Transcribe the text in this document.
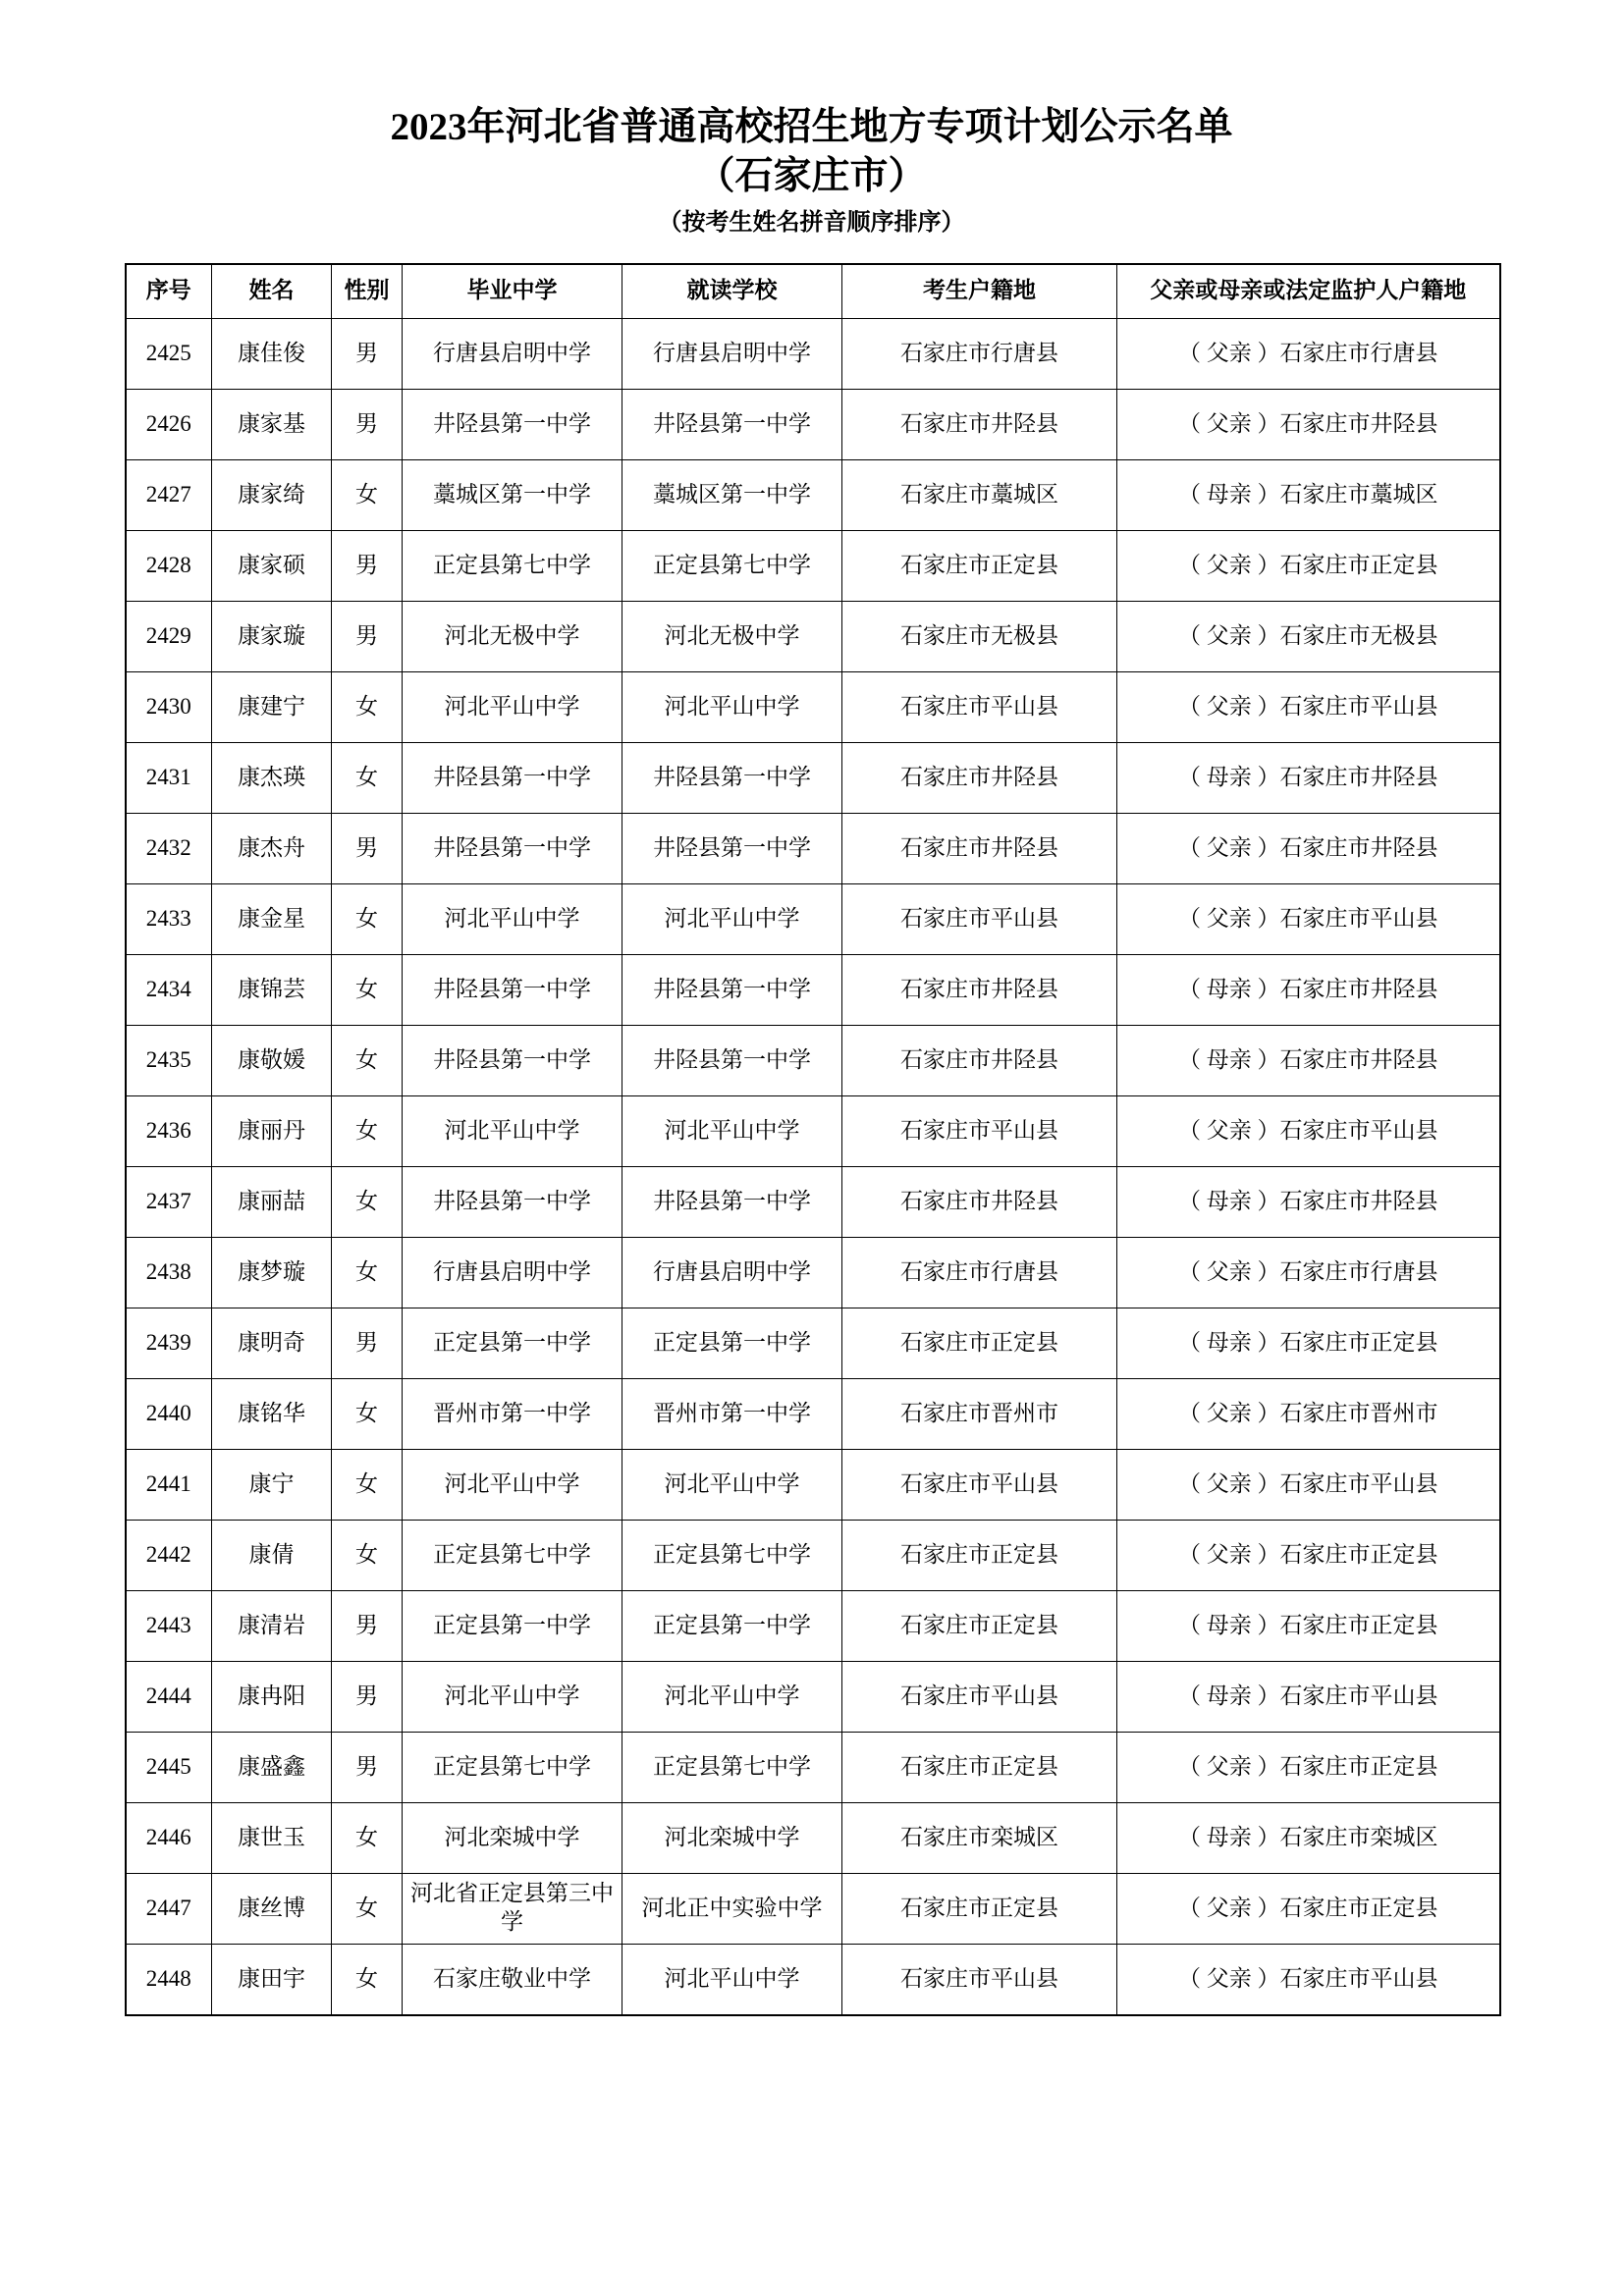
2023年河北省普通高校招生地方专项计划公示名单
（石家庄市）
（按考生姓名拼音顺序排序）
序号	姓名	性别	毕业中学	就读学校	考生户籍地	父亲或母亲或法定监护人户籍地
2425	康佳俊	男	行唐县启明中学	行唐县启明中学	石家庄市行唐县	（ 父亲 ）石家庄市行唐县
2426	康家基	男	井陉县第一中学	井陉县第一中学	石家庄市井陉县	（ 父亲 ）石家庄市井陉县
2427	康家绮	女	藁城区第一中学	藁城区第一中学	石家庄市藁城区	（ 母亲 ）石家庄市藁城区
2428	康家硕	男	正定县第七中学	正定县第七中学	石家庄市正定县	（ 父亲 ）石家庄市正定县
2429	康家璇	男	河北无极中学	河北无极中学	石家庄市无极县	（ 父亲 ）石家庄市无极县
2430	康建宁	女	河北平山中学	河北平山中学	石家庄市平山县	（ 父亲 ）石家庄市平山县
2431	康杰瑛	女	井陉县第一中学	井陉县第一中学	石家庄市井陉县	（ 母亲 ）石家庄市井陉县
2432	康杰舟	男	井陉县第一中学	井陉县第一中学	石家庄市井陉县	（ 父亲 ）石家庄市井陉县
2433	康金星	女	河北平山中学	河北平山中学	石家庄市平山县	（ 父亲 ）石家庄市平山县
2434	康锦芸	女	井陉县第一中学	井陉县第一中学	石家庄市井陉县	（ 母亲 ）石家庄市井陉县
2435	康敬媛	女	井陉县第一中学	井陉县第一中学	石家庄市井陉县	（ 母亲 ）石家庄市井陉县
2436	康丽丹	女	河北平山中学	河北平山中学	石家庄市平山县	（ 父亲 ）石家庄市平山县
2437	康丽喆	女	井陉县第一中学	井陉县第一中学	石家庄市井陉县	（ 母亲 ）石家庄市井陉县
2438	康梦璇	女	行唐县启明中学	行唐县启明中学	石家庄市行唐县	（ 父亲 ）石家庄市行唐县
2439	康明奇	男	正定县第一中学	正定县第一中学	石家庄市正定县	（ 母亲 ）石家庄市正定县
2440	康铭华	女	晋州市第一中学	晋州市第一中学	石家庄市晋州市	（ 父亲 ）石家庄市晋州市
2441	康宁	女	河北平山中学	河北平山中学	石家庄市平山县	（ 父亲 ）石家庄市平山县
2442	康倩	女	正定县第七中学	正定县第七中学	石家庄市正定县	（ 父亲 ）石家庄市正定县
2443	康清岩	男	正定县第一中学	正定县第一中学	石家庄市正定县	（ 母亲 ）石家庄市正定县
2444	康冉阳	男	河北平山中学	河北平山中学	石家庄市平山县	（ 母亲 ）石家庄市平山县
2445	康盛鑫	男	正定县第七中学	正定县第七中学	石家庄市正定县	（ 父亲 ）石家庄市正定县
2446	康世玉	女	河北栾城中学	河北栾城中学	石家庄市栾城区	（ 母亲 ）石家庄市栾城区
2447	康丝博	女	河北省正定县第三中学	河北正中实验中学	石家庄市正定县	（ 父亲 ）石家庄市正定县
2448	康田宇	女	石家庄敬业中学	河北平山中学	石家庄市平山县	（ 父亲 ）石家庄市平山县
